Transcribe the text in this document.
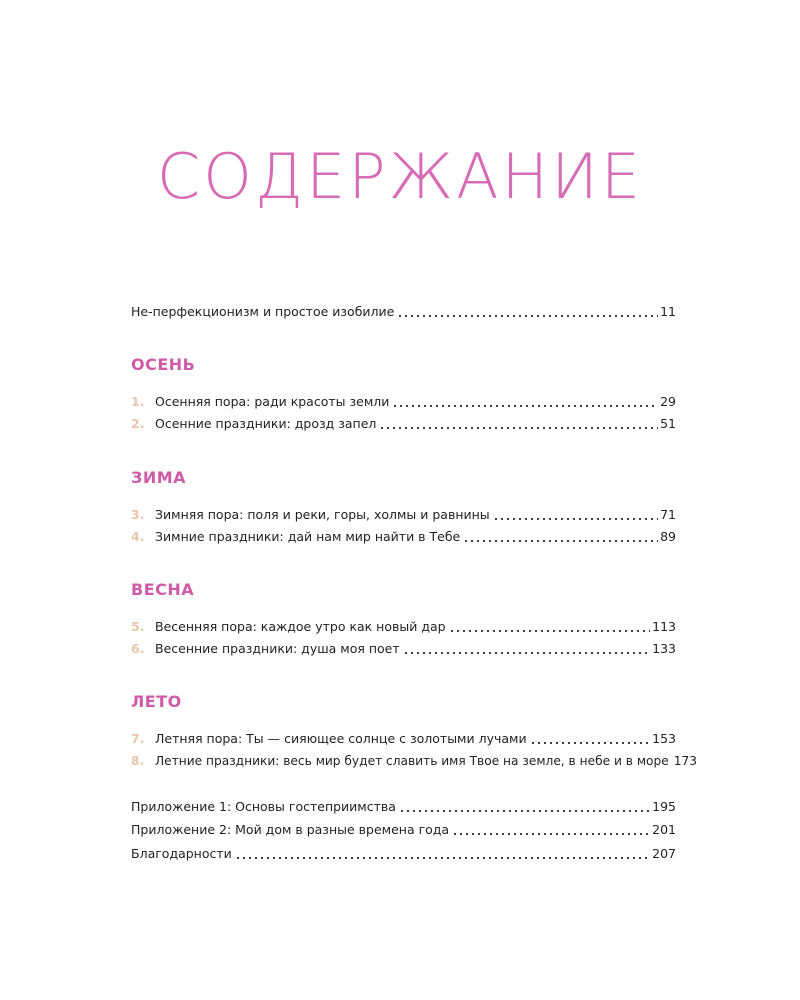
СОДЕРЖАНИЕ
Не-перфекционизм и простое изобилие	11
ОСЕНЬ
1. Осенняя пора: ради красоты земли	29
2. Осенние праздники: дрозд запел	51
ЗИМА
3. Зимняя пора: поля и реки, горы, холмы и равнины	71
4. Зимние праздники: дай нам мир найти в Тебе	89
ВЕСНА
5. Весенняя пора: каждое утро как новый дар	113
6. Весенние праздники: душа моя поет	133
ЛЕТО
7. Летняя пора: Ты — сияющее солнце с золотыми лучами	153
8. Летние праздники: весь мир будет славить имя Твое на земле, в небе и в море 173
Приложение 1: Основы гостеприимства	195
Приложение 2: Мой дом в разные времена года	201
Благодарности	207
